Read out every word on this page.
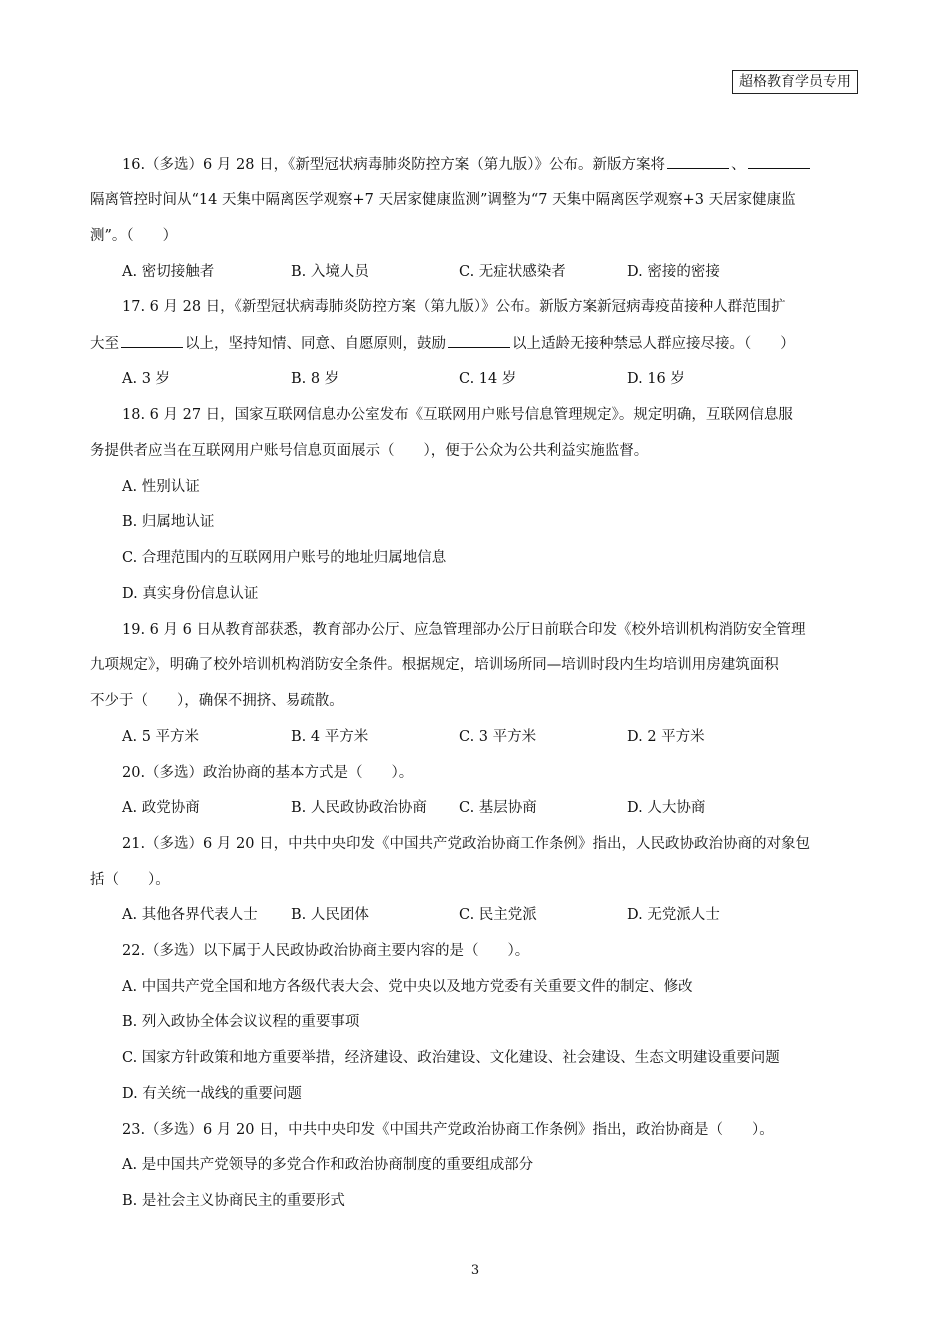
超格教育学员专用
16.（多选）6 月 28 日，《新型冠状病毒肺炎防控方案（第九版）》公布。新版方案将	、
隔离管控时间从“14 天集中隔离医学观察+7 天居家健康监测”调整为“7 天集中隔离医学观察+3 天居家健康监
测”。（　　）
A. 密切接触者	B. 入境人员	C. 无症状感染者	D. 密接的密接
17. 6 月 28 日，《新型冠状病毒肺炎防控方案（第九版）》公布。新版方案新冠病毒疫苗接种人群范围扩
大至	以上，坚持知情、同意、自愿原则，鼓励	以上适龄无接种禁忌人群应接尽接。（　　）
A. 3 岁	B. 8 岁	C. 14 岁	D. 16 岁
18. 6 月 27 日，国家互联网信息办公室发布《互联网用户账号信息管理规定》。规定明确，互联网信息服
务提供者应当在互联网用户账号信息页面展示（　　），便于公众为公共利益实施监督。
A. 性别认证
B. 归属地认证
C. 合理范围内的互联网用户账号的地址归属地信息
D. 真实身份信息认证
19. 6 月 6 日从教育部获悉，教育部办公厅、应急管理部办公厅日前联合印发《校外培训机构消防安全管理
九项规定》，明确了校外培训机构消防安全条件。根据规定，培训场所同—培训时段内生均培训用房建筑面积
不少于（　　），确保不拥挤、易疏散。
A. 5 平方米	B. 4 平方米	C. 3 平方米	D. 2 平方米
20.（多选）政治协商的基本方式是（　　）。
A. 政党协商	B. 人民政协政治协商 C. 基层协商	D. 人大协商
21.（多选）6 月 20 日，中共中央印发《中国共产党政治协商工作条例》指出，人民政协政治协商的对象包
括（　　）。
A. 其他各界代表人士 B. 人民团体	C. 民主党派	D. 无党派人士
22.（多选）以下属于人民政协政治协商主要内容的是（　　）。
A. 中国共产党全国和地方各级代表大会、党中央以及地方党委有关重要文件的制定、修改
B. 列入政协全体会议议程的重要事项
C. 国家方针政策和地方重要举措，经济建设、政治建设、文化建设、社会建设、生态文明建设重要问题
D. 有关统一战线的重要问题
23.（多选）6 月 20 日，中共中央印发《中国共产党政治协商工作条例》指出，政治协商是（　　）。
A. 是中国共产党领导的多党合作和政治协商制度的重要组成部分
B. 是社会主义协商民主的重要形式
3
